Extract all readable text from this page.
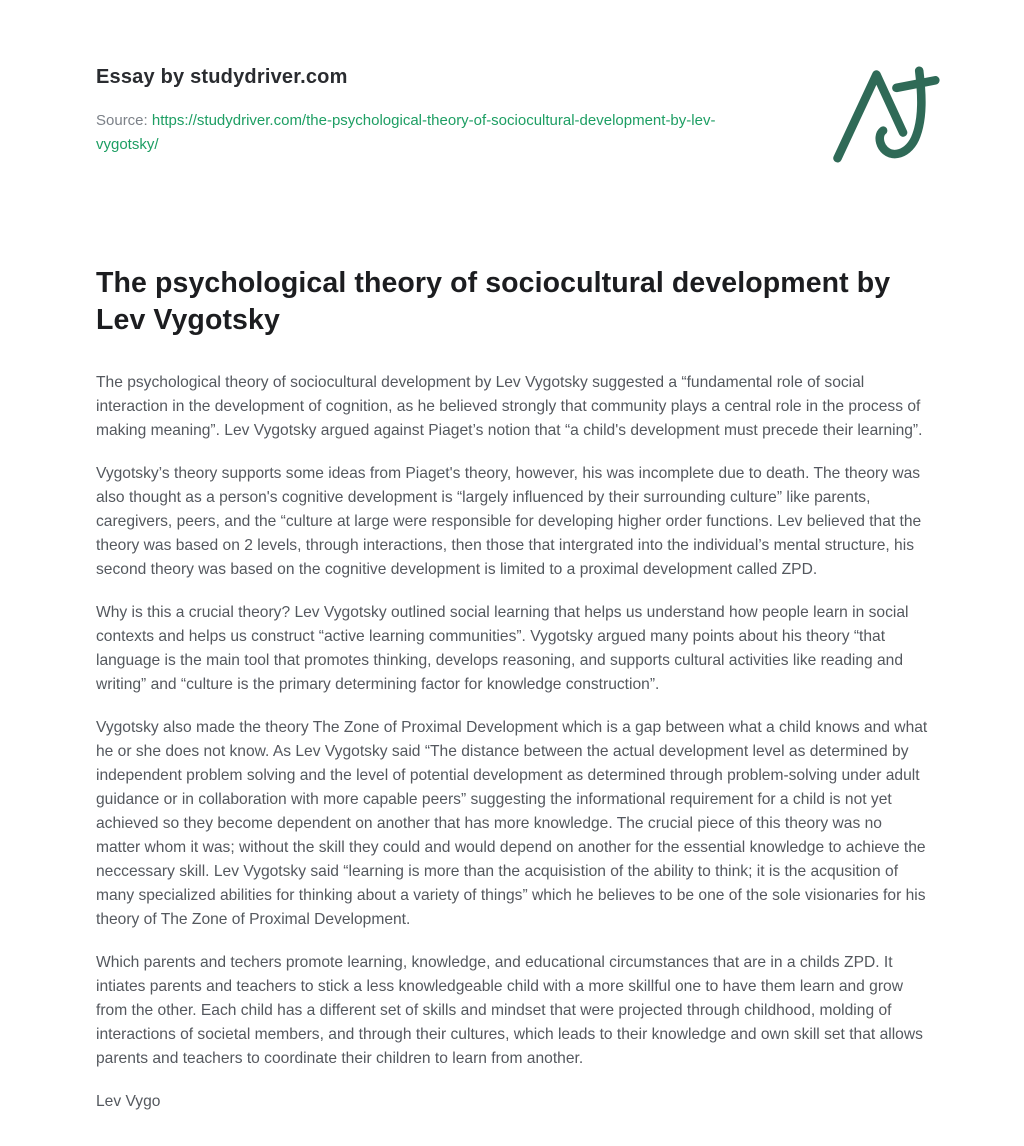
Essay by studydriver.com
Source: https://studydriver.com/the-psychological-theory-of-sociocultural-development-by-lev-vygotsky/
The psychological theory of sociocultural development by Lev Vygotsky

The psychological theory of sociocultural development by Lev Vygotsky suggested a “fundamental role of social interaction in the development of cognition, as he believed strongly that community plays a central role in the process of making meaning”. Lev Vygotsky argued against Piaget’s notion that “a child's development must precede their learning”.

Vygotsky’s theory supports some ideas from Piaget's theory, however, his was incomplete due to death. The theory was also thought as a person's cognitive development is “largely influenced by their surrounding culture” like parents, caregivers, peers, and the “culture at large were responsible for developing higher order functions. Lev believed that the theory was based on 2 levels, through interactions, then those that intergrated into the individual’s mental structure, his second theory was based on the cognitive development is limited to a proximal development called ZPD.

Why is this a crucial theory? Lev Vygotsky outlined social learning that helps us understand how people learn in social contexts and helps us construct “active learning communities”. Vygotsky argued many points about his theory “that language is the main tool that promotes thinking, develops reasoning, and supports cultural activities like reading and writing” and “culture is the primary determining factor for knowledge construction”.

Vygotsky also made the theory The Zone of Proximal Development which is a gap between what a child knows and what he or she does not know. As Lev Vygotsky said “The distance between the actual development level as determined by independent problem solving and the level of potential development as determined through problem-solving under adult guidance or in collaboration with more capable peers” suggesting the informational requirement for a child is not yet achieved so they become dependent on another that has more knowledge. The crucial piece of this theory was no matter whom it was; without the skill they could and would depend on another for the essential knowledge to achieve the neccessary skill. Lev Vygotsky said “learning is more than the acquisistion of the ability to think; it is the acqusition of many specialized abilities for thinking about a variety of things” which he believes to be one of the sole visionaries for his theory of The Zone of Proximal Development.

Which parents and techers promote learning, knowledge, and educational circumstances that are in a childs ZPD. It intiates parents and teachers to stick a less knowledgeable child with a more skillful one to have them learn and grow from the other. Each child has a different set of skills and mindset that were projected through childhood, molding of interactions of societal members, and through their cultures, which leads to their knowledge and own skill set that allows parents and teachers to coordinate their children to learn from another.

Lev Vygo
